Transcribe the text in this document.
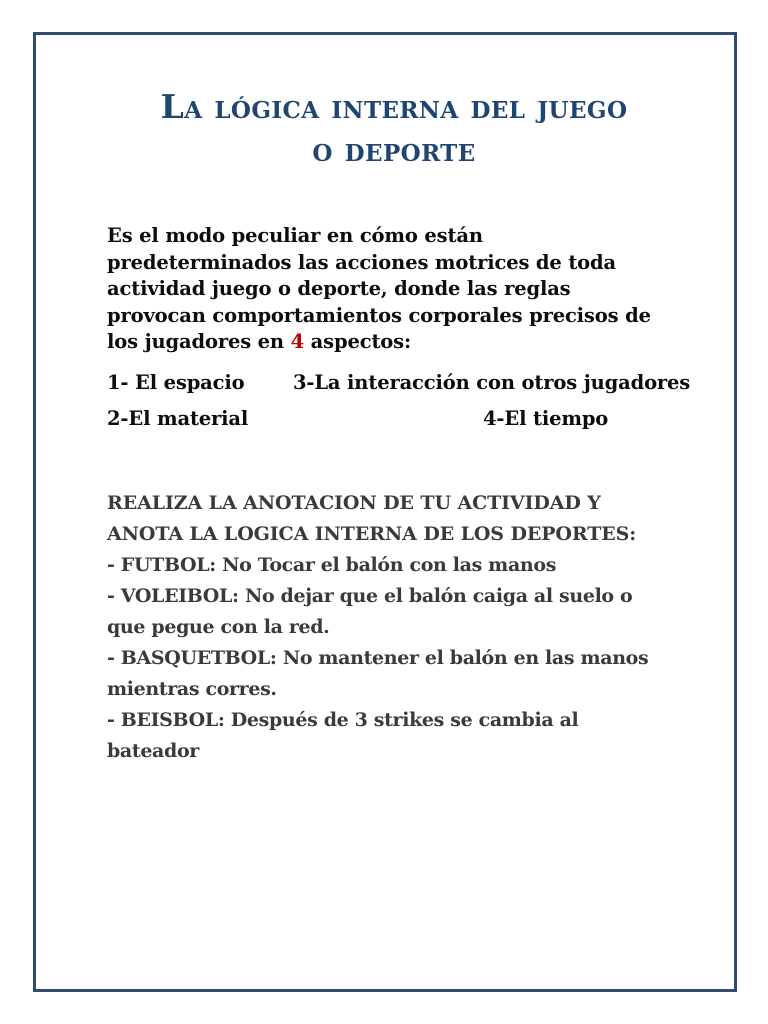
La lógica interna del juego
o deporte

Es el modo peculiar en cómo están predeterminados las acciones motrices de toda actividad juego o deporte, donde las reglas provocan comportamientos corporales precisos de los jugadores en 4 aspectos:

1- El espacio 3-La interacción con otros jugadores
2-El material	4-El tiempo

REALIZA LA ANOTACION DE TU ACTIVIDAD Y

ANOTA LA LOGICA INTERNA DE LOS DEPORTES:

- FUTBOL: No Tocar el balón con las manos

- VOLEIBOL: No dejar que el balón caiga al suelo o que pegue con la red.

- BASQUETBOL: No mantener el balón en las manos mientras corres.

- BEISBOL: Después de 3 strikes se cambia al bateador
